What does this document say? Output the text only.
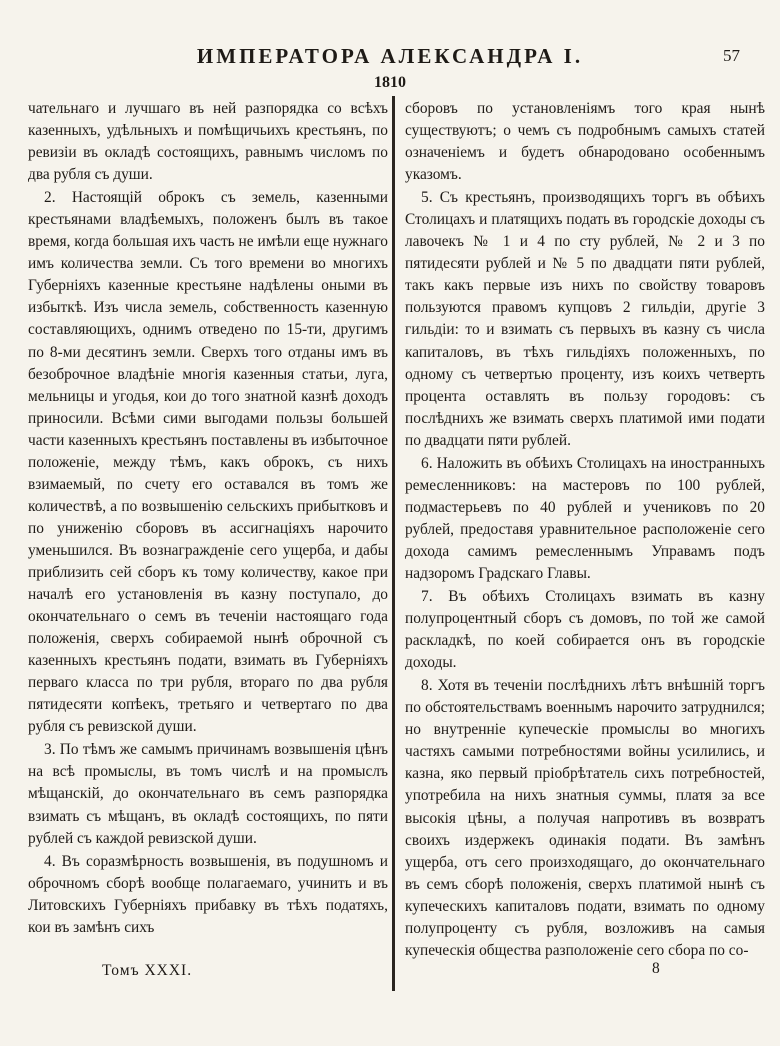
ИМПЕРАТОРА АЛЕКСАНДРА I.	57
1810

чательнаго и лучшаго въ ней разпорядка со всѣхъ казенныхъ, удѣльныхъ и помѣщичьихъ крестьянъ, по ревизіи въ окладѣ состоящихъ, равнымъ числомъ по два рубля съ души.

2. Настоящій оброкъ съ земель, казенными крестьянами владѣемыхъ, положенъ былъ въ такое время, когда большая ихъ часть не имѣли еще нужнаго имъ количества земли. Съ того времени во многихъ Губерніяхъ казенные крестьяне надѣлены оными въ избыткѣ. Изъ числа земель, собственность казенную составляющихъ, однимъ отведено по 15-ти, другимъ по 8-ми десятинъ земли. Сверхъ того отданы имъ въ безоброчное владѣніе многія казенныя статьи, луга, мельницы и угодья, кои до того знатной казнѣ доходъ приносили. Всѣми сими выгодами пользы большей части казенныхъ крестьянъ поставлены въ избыточное положеніе, между тѣмъ, какъ оброкъ, съ нихъ взимаемый, по счету его оставался въ томъ же количествѣ, а по возвышенію сельскихъ прибытковъ и по униженію сборовъ въ ассигнаціяхъ нарочито уменьшился. Въ вознагражденіе сего ущерба, и дабы приблизить сей сборъ къ тому количеству, какое при началѣ его установленія въ казну поступало, до окончательнаго о семъ въ теченіи настоящаго года положенія, сверхъ собираемой нынѣ оброчной съ казенныхъ крестьянъ подати, взимать въ Губерніяхъ перваго класса по три рубля, втораго по два рубля пятидесяти копѣекъ, третьяго и четвертаго по два рубля съ ревизской души.

3. По тѣмъ же самымъ причинамъ возвышенія цѣнъ на всѣ промыслы, въ томъ числѣ и на промыслъ мѣщанскій, до окончательнаго въ семъ разпорядка взимать съ мѣщанъ, въ окладѣ состоящихъ, по пяти рублей съ каждой ревизской души.

4. Въ соразмѣрность возвышенія, въ подушномъ и оброчномъ сборѣ вообще полагаемаго, учинить и въ Литовскихъ Губерніяхъ прибавку въ тѣхъ податяхъ, кои въ замѣнъ сихъ

сборовъ по установленіямъ того края нынѣ существуютъ; о чемъ съ подробнымъ самыхъ статей означеніемъ и будетъ обнародовано особеннымъ указомъ.

5. Съ крестьянъ, производящихъ торгъ въ обѣихъ Столицахъ и платящихъ подать въ городскіе доходы съ лавочекъ № 1 и 4 по сту рублей, № 2 и 3 по пятидесяти рублей и № 5 по двадцати пяти рублей, такъ какъ первые изъ нихъ по свойству товаровъ пользуются правомъ купцовъ 2 гильдіи, другіе 3 гильдіи: то и взимать съ первыхъ въ казну съ числа капиталовъ, въ тѣхъ гильдіяхъ положенныхъ, по одному съ четвертью проценту, изъ коихъ четверть процента оставлять въ пользу городовъ: съ послѣднихъ же взимать сверхъ платимой ими подати по двадцати пяти рублей.

6. Наложить въ обѣихъ Столицахъ на иностранныхъ ремесленниковъ: на мастеровъ по 100 рублей, подмастерьевъ по 40 рублей и учениковъ по 20 рублей, предоставя уравнительное расположеніе сего дохода самимъ ремесленнымъ Управамъ подъ надзоромъ Градскаго Главы.

7. Въ обѣихъ Столицахъ взимать въ казну полупроцентный сборъ съ домовъ, по той же самой раскладкѣ, по коей собирается онъ въ городскіе доходы.

8. Хотя въ теченіи послѣднихъ лѣтъ внѣшній торгъ по обстоятельствамъ военнымъ нарочито затруднился; но внутренніе купеческіе промыслы во многихъ частяхъ самыми потребностями войны усилились, и казна, яко первый пріобрѣтатель сихъ потребностей, употребила на нихъ знатныя суммы, платя за все высокія цѣны, а получая напротивъ въ возвратъ своихъ издержекъ одинакія подати. Въ замѣнъ ущерба, отъ сего произходящаго, до окончательнаго въ семъ сборѣ положенія, сверхъ платимой нынѣ съ купеческихъ капиталовъ подати, взимать по одному полупроценту съ рубля, возложивъ на самыя купеческія общества разположеніе сего сбора по со-

Томъ XXXI.	8
